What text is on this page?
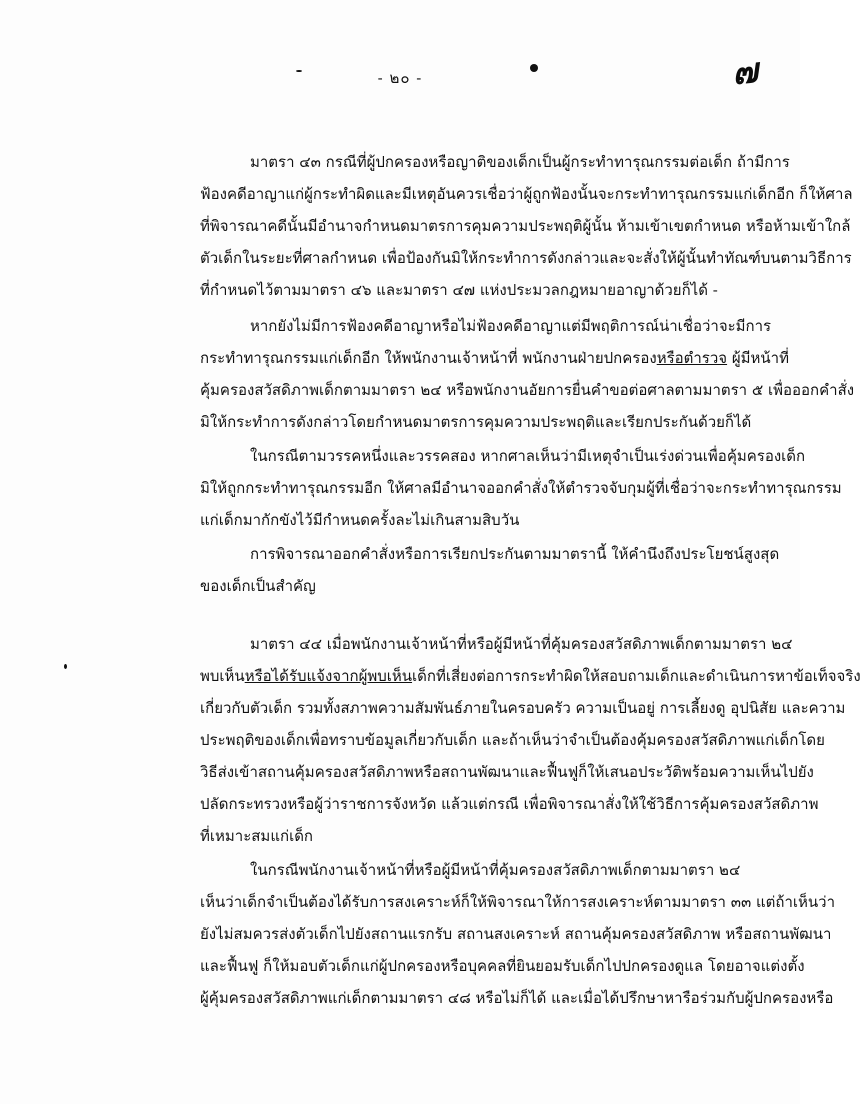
- ๒๐ -	๗
มาตรา ๔๓ กรณีที่ผู้ปกครองหรือญาติของเด็กเป็นผู้กระทำทารุณกรรมต่อเด็ก ถ้ามีการ
ฟ้องคดีอาญาแก่ผู้กระทำผิดและมีเหตุอันควรเชื่อว่าผู้ถูกฟ้องนั้นจะกระทำทารุณกรรมแก่เด็กอีก ก็ให้ศาล
ที่พิจารณาคดีนั้นมีอำนาจกำหนดมาตรการคุมความประพฤติผู้นั้น ห้ามเข้าเขตกำหนด หรือห้ามเข้าใกล้
ตัวเด็กในระยะที่ศาลกำหนด เพื่อป้องกันมิให้กระทำการดังกล่าวและจะสั่งให้ผู้นั้นทำทัณฑ์บนตามวิธีการ
ที่กำหนดไว้ตามมาตรา ๔๖ และมาตรา ๔๗ แห่งประมวลกฎหมายอาญาด้วยก็ได้ -
หากยังไม่มีการฟ้องคดีอาญาหรือไม่ฟ้องคดีอาญาแต่มีพฤติการณ์น่าเชื่อว่าจะมีการ
กระทำทารุณกรรมแก่เด็กอีก ให้พนักงานเจ้าหน้าที่ พนักงานฝ่ายปกครองหรือตำรวจ ผู้มีหน้าที่
คุ้มครองสวัสดิภาพเด็กตามมาตรา ๒๔ หรือพนักงานอัยการยื่นคำขอต่อศาลตามมาตรา ๕ เพื่อออกคำสั่ง
มิให้กระทำการดังกล่าวโดยกำหนดมาตรการคุมความประพฤติและเรียกประกันด้วยก็ได้
ในกรณีตามวรรคหนึ่งและวรรคสอง หากศาลเห็นว่ามีเหตุจำเป็นเร่งด่วนเพื่อคุ้มครองเด็ก
มิให้ถูกกระทำทารุณกรรมอีก ให้ศาลมีอำนาจออกคำสั่งให้ตำรวจจับกุมผู้ที่เชื่อว่าจะกระทำทารุณกรรม
แก่เด็กมากักขังไว้มีกำหนดครั้งละไม่เกินสามสิบวัน
การพิจารณาออกคำสั่งหรือการเรียกประกันตามมาตรานี้ ให้คำนึงถึงประโยชน์สูงสุด
ของเด็กเป็นสำคัญ
มาตรา ๔๔ เมื่อพนักงานเจ้าหน้าที่หรือผู้มีหน้าที่คุ้มครองสวัสดิภาพเด็กตามมาตรา ๒๔
พบเห็นหรือได้รับแจ้งจากผู้พบเห็นเด็กที่เสี่ยงต่อการกระทำผิดให้สอบถามเด็กและดำเนินการหาข้อเท็จจริง
เกี่ยวกับตัวเด็ก รวมทั้งสภาพความสัมพันธ์ภายในครอบครัว ความเป็นอยู่ การเลี้ยงดู อุปนิสัย และความ
ประพฤติของเด็กเพื่อทราบข้อมูลเกี่ยวกับเด็ก และถ้าเห็นว่าจำเป็นต้องคุ้มครองสวัสดิภาพแก่เด็กโดย
วิธีส่งเข้าสถานคุ้มครองสวัสดิภาพหรือสถานพัฒนาและฟื้นฟูก็ให้เสนอประวัติพร้อมความเห็นไปยัง
ปลัดกระทรวงหรือผู้ว่าราชการจังหวัด แล้วแต่กรณี เพื่อพิจารณาสั่งให้ใช้วิธีการคุ้มครองสวัสดิภาพ
ที่เหมาะสมแก่เด็ก
ในกรณีพนักงานเจ้าหน้าที่หรือผู้มีหน้าที่คุ้มครองสวัสดิภาพเด็กตามมาตรา ๒๔
เห็นว่าเด็กจำเป็นต้องได้รับการสงเคราะห์ก็ให้พิจารณาให้การสงเคราะห์ตามมาตรา ๓๓ แต่ถ้าเห็นว่า
ยังไม่สมควรส่งตัวเด็กไปยังสถานแรกรับ สถานสงเคราะห์ สถานคุ้มครองสวัสดิภาพ หรือสถานพัฒนา
และฟื้นฟู ก็ให้มอบตัวเด็กแก่ผู้ปกครองหรือบุคคลที่ยินยอมรับเด็กไปปกครองดูแล โดยอาจแต่งตั้ง
ผู้คุ้มครองสวัสดิภาพแก่เด็กตามมาตรา ๔๘ หรือไม่ก็ได้ และเมื่อได้ปรึกษาหารือร่วมกับผู้ปกครองหรือ
